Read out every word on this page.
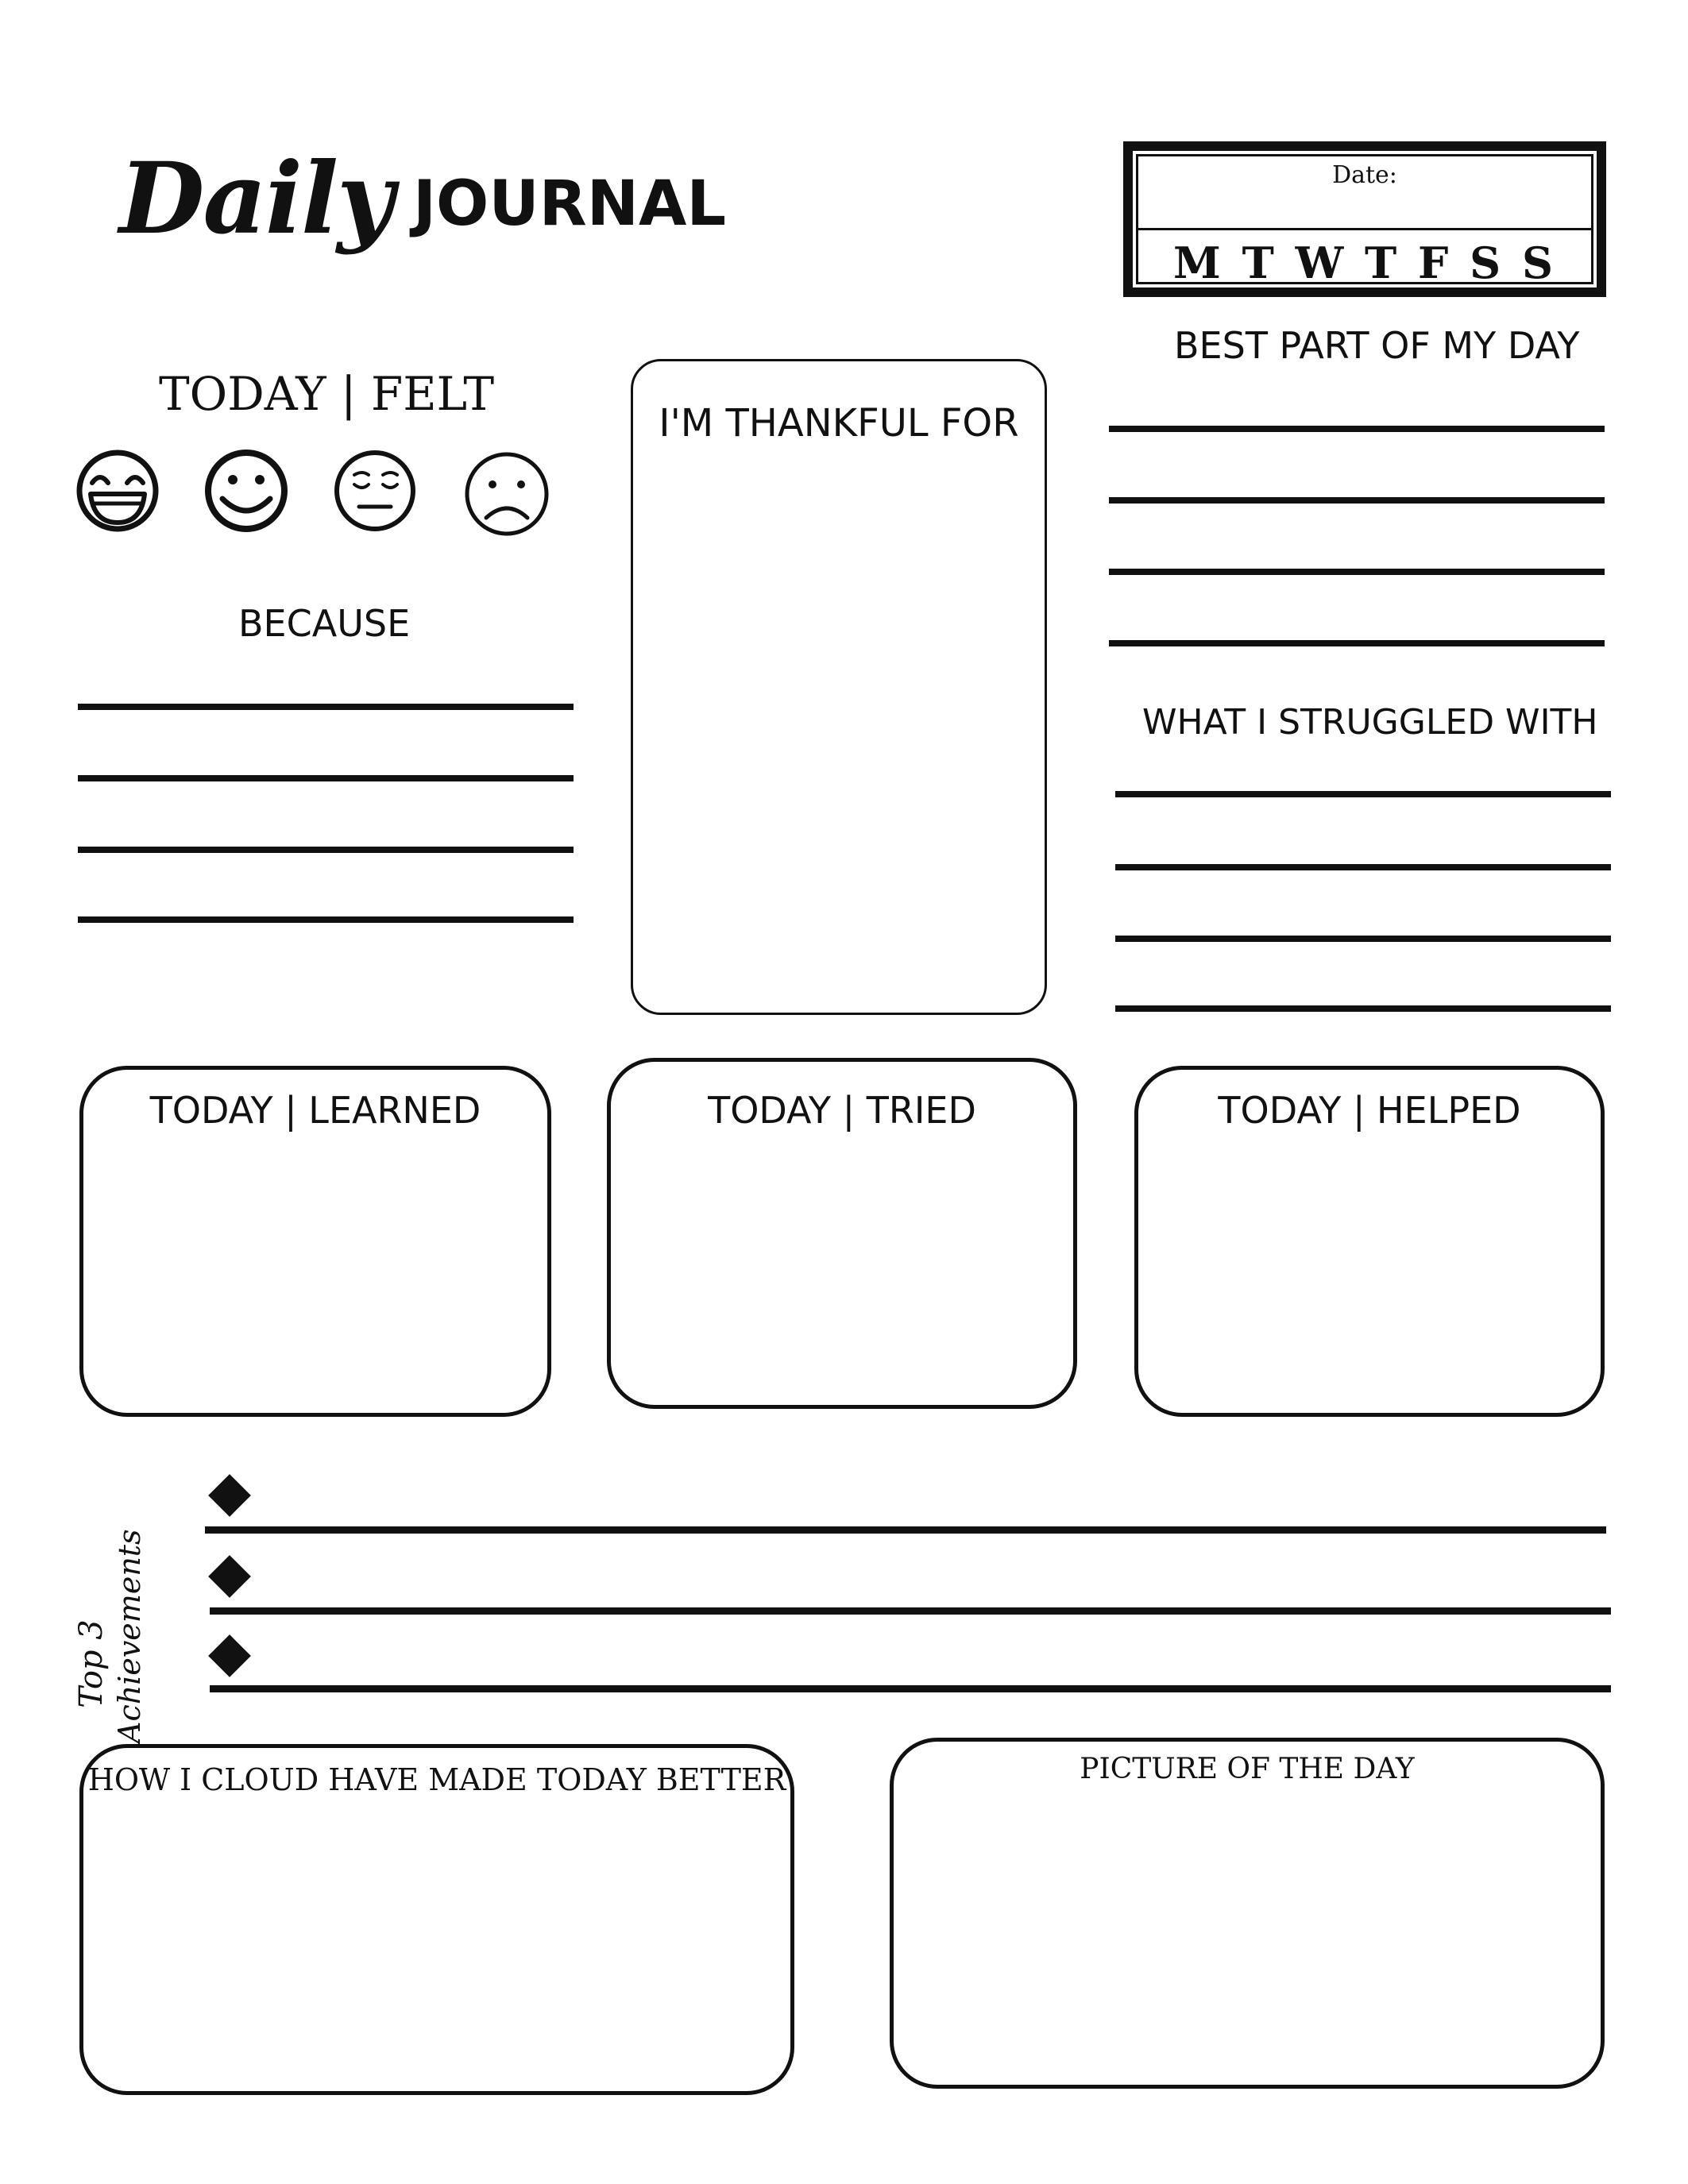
Daily JOURNAL	Date:
M T W T F S S
TODAY | FELT
BECAUSE
I'M THANKFUL FOR
BEST PART OF MY DAY
WHAT I STRUGGLED WITH
TODAY | LEARNED	TODAY | TRIED	TODAY | HELPED
Top 3 Achievements
HOW I CLOUD HAVE MADE TODAY BETTER	PICTURE OF THE DAY
